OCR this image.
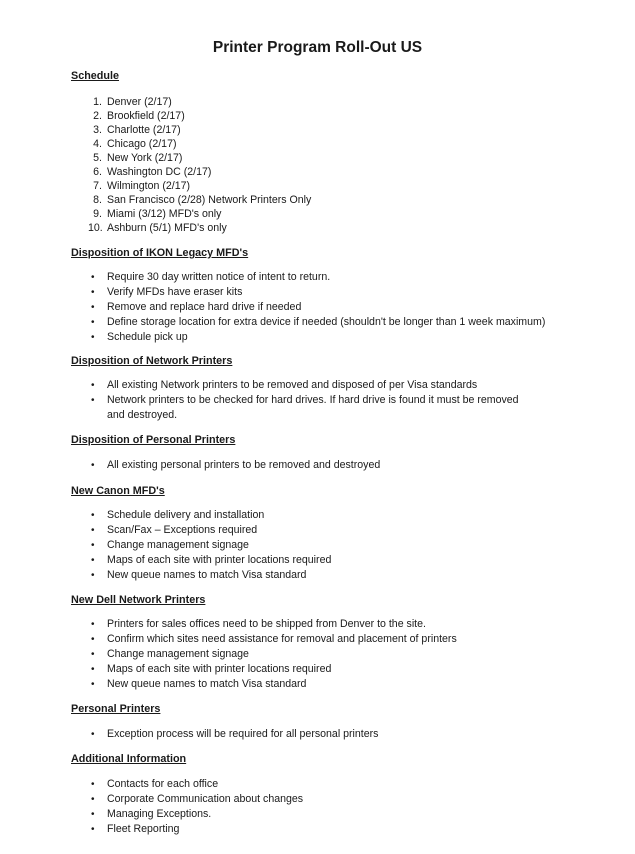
Printer Program Roll-Out US
Schedule
1. Denver (2/17)
2. Brookfield (2/17)
3. Charlotte (2/17)
4. Chicago (2/17)
5. New York (2/17)
6. Washington DC (2/17)
7. Wilmington (2/17)
8. San Francisco (2/28) Network Printers Only
9. Miami (3/12) MFD's only
10. Ashburn (5/1) MFD's only
Disposition of IKON Legacy MFD's
• Require 30 day written notice of intent to return.
• Verify MFDs have eraser kits
• Remove and replace hard drive if needed
• Define storage location for extra device if needed (shouldn't be longer than 1 week maximum)
• Schedule pick up
Disposition of Network Printers
• All existing Network printers to be removed and disposed of per Visa standards
• Network printers to be checked for hard drives. If hard drive is found it must be removed and destroyed.
Disposition of Personal Printers
• All existing personal printers to be removed and destroyed
New Canon MFD's
• Schedule delivery and installation
• Scan/Fax – Exceptions required
• Change management signage
• Maps of each site with printer locations required
• New queue names to match Visa standard
New Dell Network Printers
• Printers for sales offices need to be shipped from Denver to the site.
• Confirm which sites need assistance for removal and placement of printers
• Change management signage
• Maps of each site with printer locations required
• New queue names to match Visa standard
Personal Printers
• Exception process will be required for all personal printers
Additional Information
• Contacts for each office
• Corporate Communication about changes
• Managing Exceptions.
• Fleet Reporting
